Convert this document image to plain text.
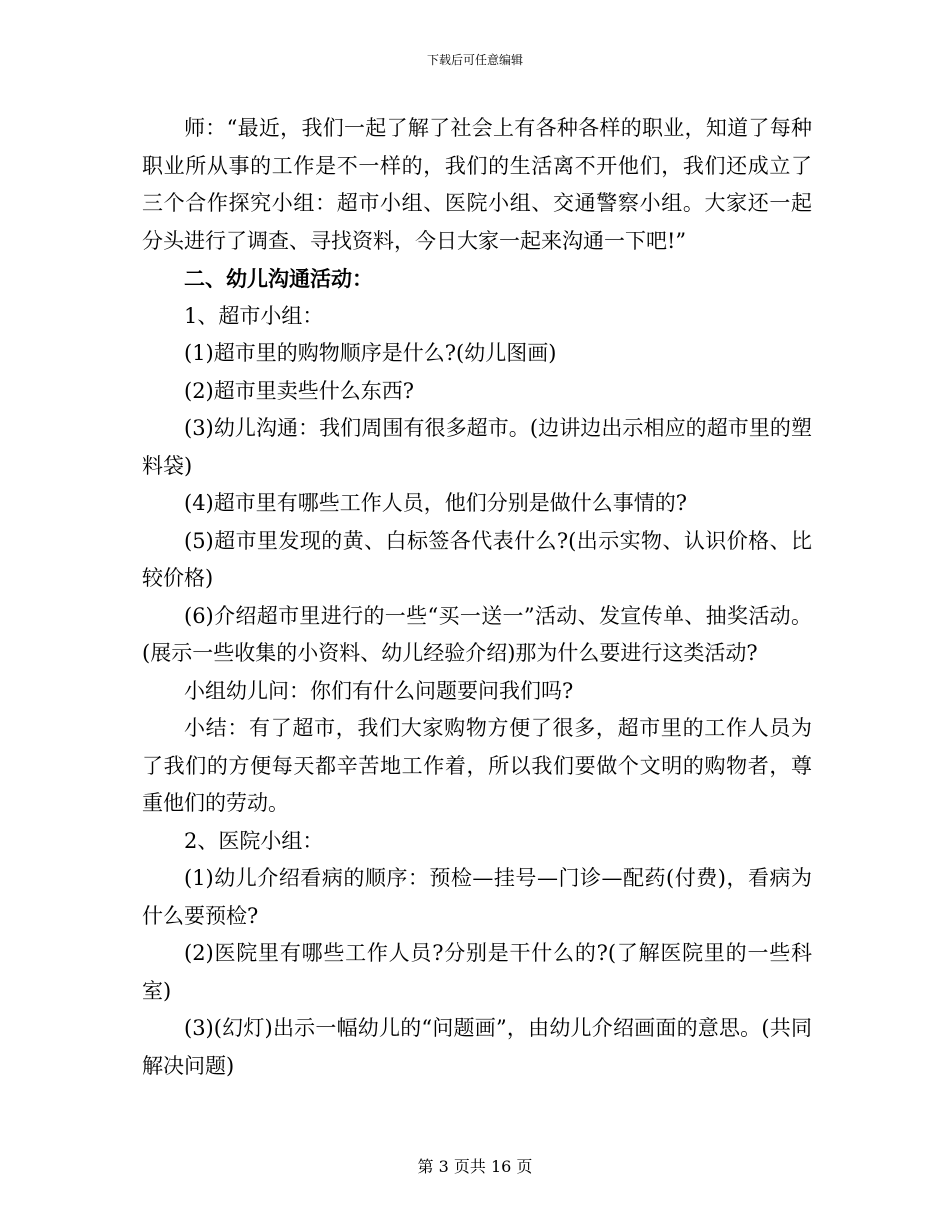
下载后可任意编辑

师：“最近，我们一起了解了社会上有各种各样的职业，知道了每种职业所从事的工作是不一样的，我们的生活离不开他们，我们还成立了三个合作探究小组：超市小组、医院小组、交通警察小组。大家还一起分头进行了调查、寻找资料，今日大家一起来沟通一下吧!”

二、幼儿沟通活动：

1、超市小组：

(1)超市里的购物顺序是什么?(幼儿图画)

(2)超市里卖些什么东西?

(3)幼儿沟通：我们周围有很多超市。(边讲边出示相应的超市里的塑料袋)

(4)超市里有哪些工作人员，他们分别是做什么事情的?

(5)超市里发现的黄、白标签各代表什么?(出示实物、认识价格、比较价格)

(6)介绍超市里进行的一些“买一送一”活动、发宣传单、抽奖活动。(展示一些收集的小资料、幼儿经验介绍)那为什么要进行这类活动?

小组幼儿问：你们有什么问题要问我们吗?

小结：有了超市，我们大家购物方便了很多，超市里的工作人员为了我们的方便每天都辛苦地工作着，所以我们要做个文明的购物者，尊重他们的劳动。

2、医院小组：

(1)幼儿介绍看病的顺序：预检—挂号—门诊—配药(付费)，看病为什么要预检?

(2)医院里有哪些工作人员?分别是干什么的?(了解医院里的一些科室)

(3)(幻灯)出示一幅幼儿的“问题画”，由幼儿介绍画面的意思。(共同解决问题)

第 3 页共 16 页
